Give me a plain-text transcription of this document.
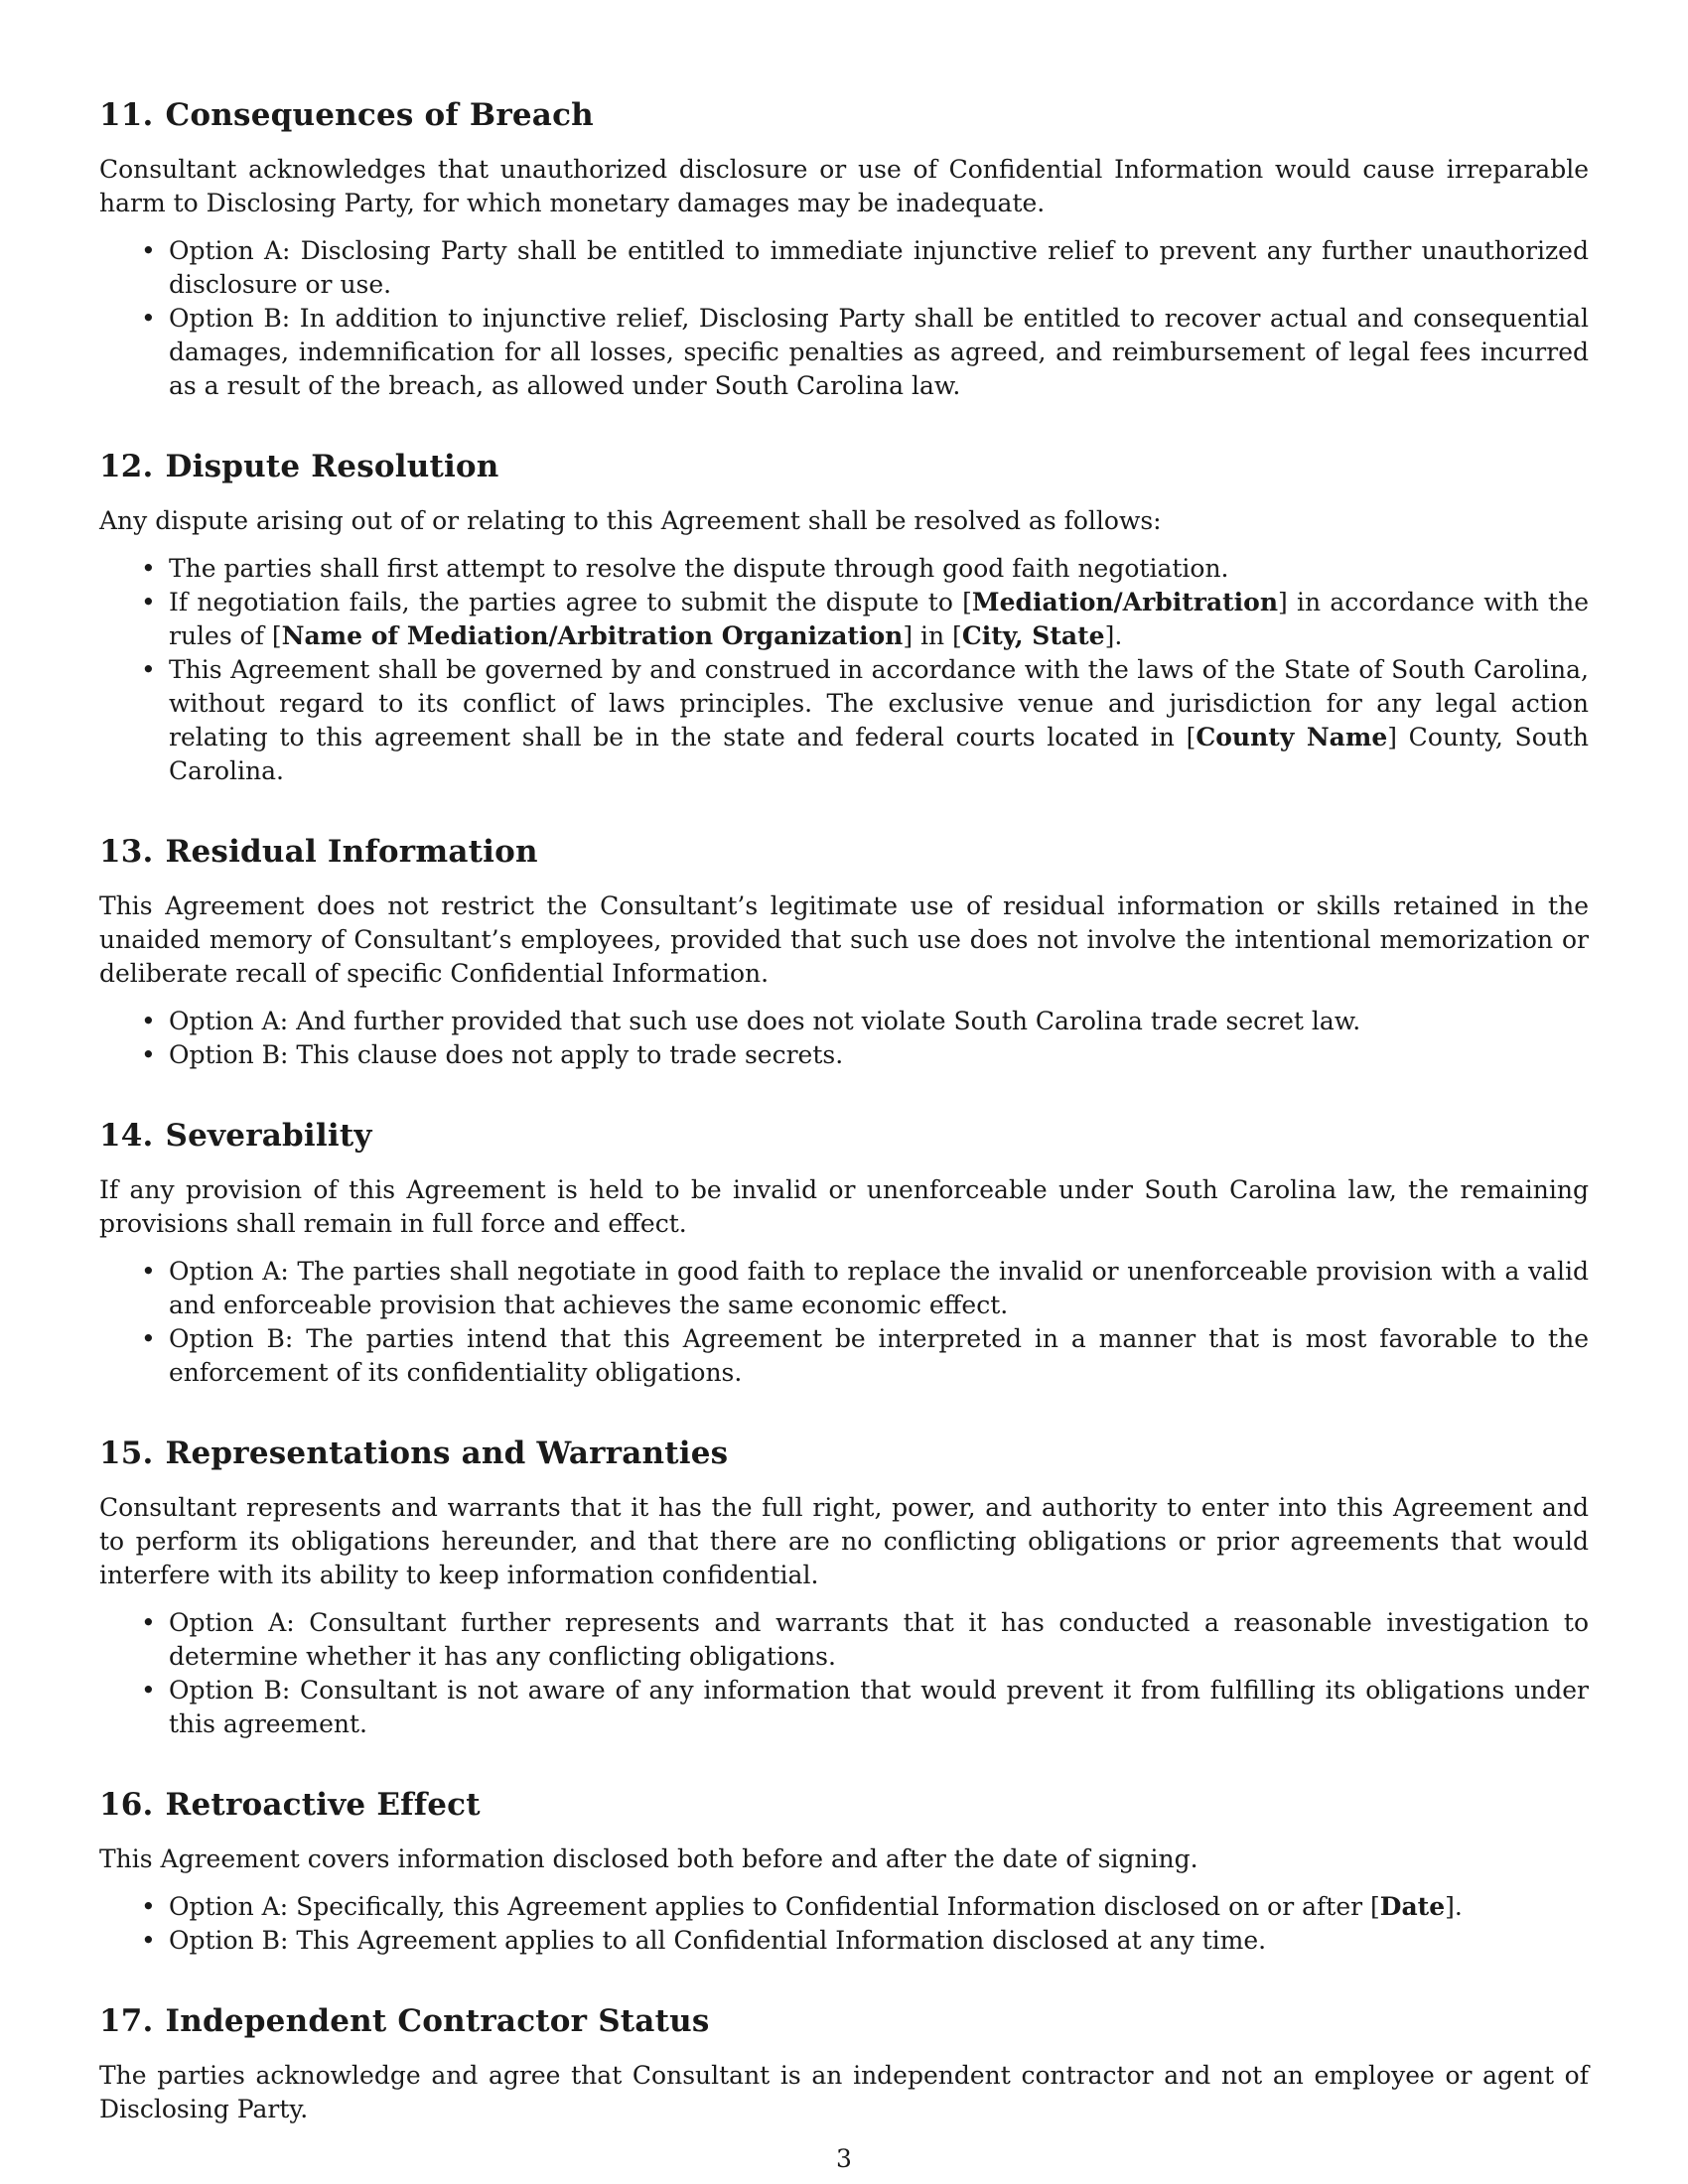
11. Consequences of Breach

Consultant acknowledges that unauthorized disclosure or use of Confidential Information would cause irreparable harm to Disclosing Party, for which monetary damages may be inadequate.

• Option A: Disclosing Party shall be entitled to immediate injunctive relief to prevent any further unauthorized disclosure or use.
• Option B: In addition to injunctive relief, Disclosing Party shall be entitled to recover actual and consequential damages, indemnification for all losses, specific penalties as agreed, and reimbursement of legal fees incurred as a result of the breach, as allowed under South Carolina law.
12. Dispute Resolution

Any dispute arising out of or relating to this Agreement shall be resolved as follows:

• The parties shall first attempt to resolve the dispute through good faith negotiation.
• If negotiation fails, the parties agree to submit the dispute to [Mediation/Arbitration] in accordance with the rules of [Name of Mediation/Arbitration Organization] in [City, State].
• This Agreement shall be governed by and construed in accordance with the laws of the State of South Carolina, without regard to its conflict of laws principles. The exclusive venue and jurisdiction for any legal action relating to this agreement shall be in the state and federal courts located in [County Name] County, South Carolina.
13. Residual Information

This Agreement does not restrict the Consultant’s legitimate use of residual information or skills retained in the unaided memory of Consultant’s employees, provided that such use does not involve the intentional memorization or deliberate recall of specific Confidential Information.

• Option A: And further provided that such use does not violate South Carolina trade secret law.
• Option B: This clause does not apply to trade secrets.
14. Severability

If any provision of this Agreement is held to be invalid or unenforceable under South Carolina law, the remaining provisions shall remain in full force and effect.

• Option A: The parties shall negotiate in good faith to replace the invalid or unenforceable provision with a valid and enforceable provision that achieves the same economic effect.
• Option B: The parties intend that this Agreement be interpreted in a manner that is most favorable to the enforcement of its confidentiality obligations.
15. Representations and Warranties

Consultant represents and warrants that it has the full right, power, and authority to enter into this Agreement and to perform its obligations hereunder, and that there are no conflicting obligations or prior agreements that would interfere with its ability to keep information confidential.

• Option A: Consultant further represents and warrants that it has conducted a reasonable investigation to determine whether it has any conflicting obligations.
• Option B: Consultant is not aware of any information that would prevent it from fulfilling its obligations under this agreement.
16. Retroactive Effect

This Agreement covers information disclosed both before and after the date of signing.

• Option A: Specifically, this Agreement applies to Confidential Information disclosed on or after [Date].
• Option B: This Agreement applies to all Confidential Information disclosed at any time.
17. Independent Contractor Status

The parties acknowledge and agree that Consultant is an independent contractor and not an employee or agent of Disclosing Party.

3
